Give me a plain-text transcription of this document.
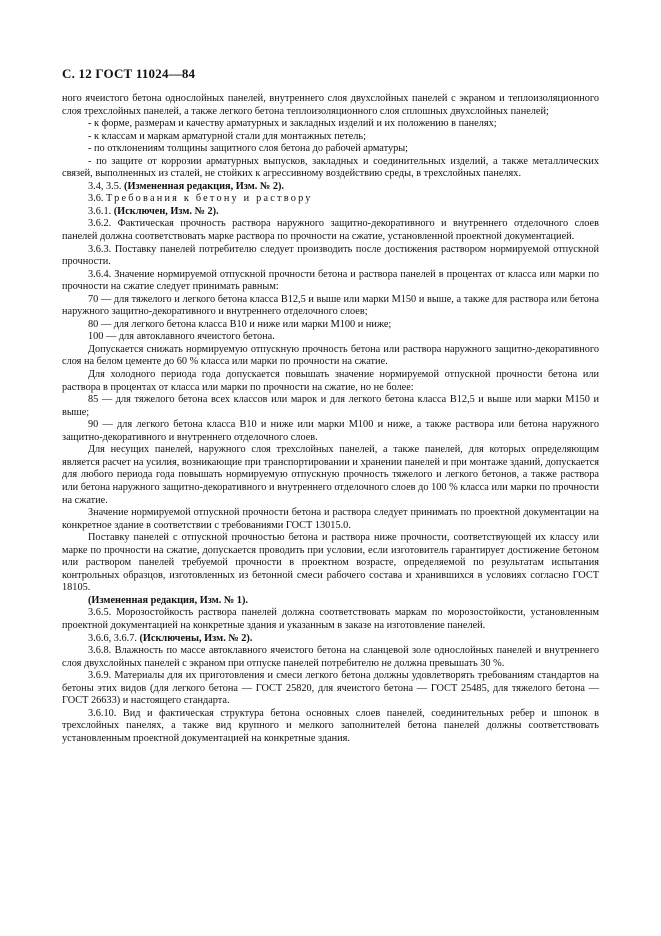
С. 12 ГОСТ 11024—84
ного ячеистого бетона однослойных панелей, внутреннего слоя двухслойных панелей с экраном и теплоизоляционного слоя трехслойных панелей, а также легкого бетона теплоизоляционного слоя сплошных двухслойных панелей;
- к форме, размерам и качеству арматурных и закладных изделий и их положению в панелях;
- к классам и маркам арматурной стали для монтажных петель;
- по отклонениям толщины защитного слоя бетона до рабочей арматуры;
- по защите от коррозии арматурных выпусков, закладных и соединительных изделий, а также металлических связей, выполненных из сталей, не стойких к агрессивному воздействию среды, в трехслойных панелях.
3.4, 3.5. (Измененная редакция, Изм. № 2).
3.6. Требования к бетону и раствору
3.6.1. (Исключен, Изм. № 2).
3.6.2. Фактическая прочность раствора наружного защитно-декоративного и внутреннего отделочного слоев панелей должна соответствовать марке раствора по прочности на сжатие, установленной проектной документацией.
3.6.3. Поставку панелей потребителю следует производить после достижения раствором нормируемой отпускной прочности.
3.6.4. Значение нормируемой отпускной прочности бетона и раствора панелей в процентах от класса или марки по прочности на сжатие следует принимать равным:
70 — для тяжелого и легкого бетона класса В12,5 и выше или марки М150 и выше, а также для раствора или бетона наружного защитно-декоративного и внутреннего отделочного слоев;
80 — для легкого бетона класса В10 и ниже или марки М100 и ниже;
100 — для автоклавного ячеистого бетона.
Допускается снижать нормируемую отпускную прочность бетона или раствора наружного защитно-декоративного слоя на белом цементе до 60 % класса или марки по прочности на сжатие.
Для холодного периода года допускается повышать значение нормируемой отпускной прочности бетона или раствора в процентах от класса или марки по прочности на сжатие, но не более:
85 — для тяжелого бетона всех классов или марок и для легкого бетона класса В12,5 и выше или марки М150 и выше;
90 — для легкого бетона класса В10 и ниже или марки М100 и ниже, а также раствора или бетона наружного защитно-декоративного и внутреннего отделочного слоев.
Для несущих панелей, наружного слоя трехслойных панелей, а также панелей, для которых определяющим является расчет на усилия, возникающие при транспортировании и хранении панелей и при монтаже зданий, допускается для любого периода года повышать нормируемую отпускную прочность тяжелого и легкого бетонов, а также раствора или бетона наружного защитно-декоративного и внутреннего отделочного слоев до 100 % класса или марки по прочности на сжатие.
Значение нормируемой отпускной прочности бетона и раствора следует принимать по проектной документации на конкретное здание в соответствии с требованиями ГОСТ 13015.0.
Поставку панелей с отпускной прочностью бетона и раствора ниже прочности, соответствующей их классу или марке по прочности на сжатие, допускается проводить при условии, если изготовитель гарантирует достижение бетоном или раствором панелей требуемой прочности в проектном возрасте, определяемой по результатам испытания контрольных образцов, изготовленных из бетонной смеси рабочего состава и хранившихся в условиях согласно ГОСТ 18105.
(Измененная редакция, Изм. № 1).
3.6.5. Морозостойкость раствора панелей должна соответствовать маркам по морозостойкости, установленным проектной документацией на конкретные здания и указанным в заказе на изготовление панелей.
3.6.6, 3.6.7. (Исключены, Изм. № 2).
3.6.8. Влажность по массе автоклавного ячеистого бетона на сланцевой золе однослойных панелей и внутреннего слоя двухслойных панелей с экраном при отпуске панелей потребителю не должна превышать 30 %.
3.6.9. Материалы для их приготовления и смеси легкого бетона должны удовлетворять требованиям стандартов на бетоны этих видов (для легкого бетона — ГОСТ 25820, для ячеистого бетона — ГОСТ 25485, для тяжелого бетона — ГОСТ 26633) и настоящего стандарта.
3.6.10. Вид и фактическая структура бетона основных слоев панелей, соединительных ребер и шпонок в трехслойных панелях, а также вид крупного и мелкого заполнителей бетона панелей должны соответствовать установленным проектной документацией на конкретные здания.
